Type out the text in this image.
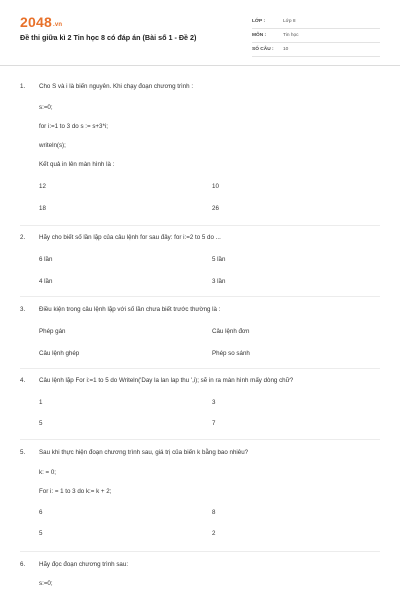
2048.vn
Đề thi giữa kì 2 Tin học 8 có đáp án (Bài số 1 - Đề 2)
LỚP :	Lớp 8
MÔN :	Tin học
SỐ CÂU :	10
1. Cho S và i là biến nguyên. Khi chạy đoạn chương trình :
s:=0;
for i:=1 to 3 do s := s+3*i;
writeln(s);
Kết quả in lên màn hình là :
12	10
18	26
2. Hãy cho biết số lần lặp của câu lệnh for sau đây: for i:=2 to 5 do ...
6 lần	5 lần
4 lần	3 lần
3. Điều kiện trong câu lệnh lặp với số lần chưa biết trước thường là :
Phép gán	Câu lệnh đơn
Câu lệnh ghép	Phép so sánh
4. Câu lệnh lặp For i:=1 to 5 do Writeln('Day la lan lap thu ',i); sẽ in ra màn hình mấy dòng chữ?
1	3
5	7
5. Sau khi thực hiện đoạn chương trình sau, giá trị của biến k bằng bao nhiêu?
k: = 0;
For i: = 1 to 3 do k:= k + 2;
6	8
5	2
6. Hãy đọc đoạn chương trình sau:
s:=0;
